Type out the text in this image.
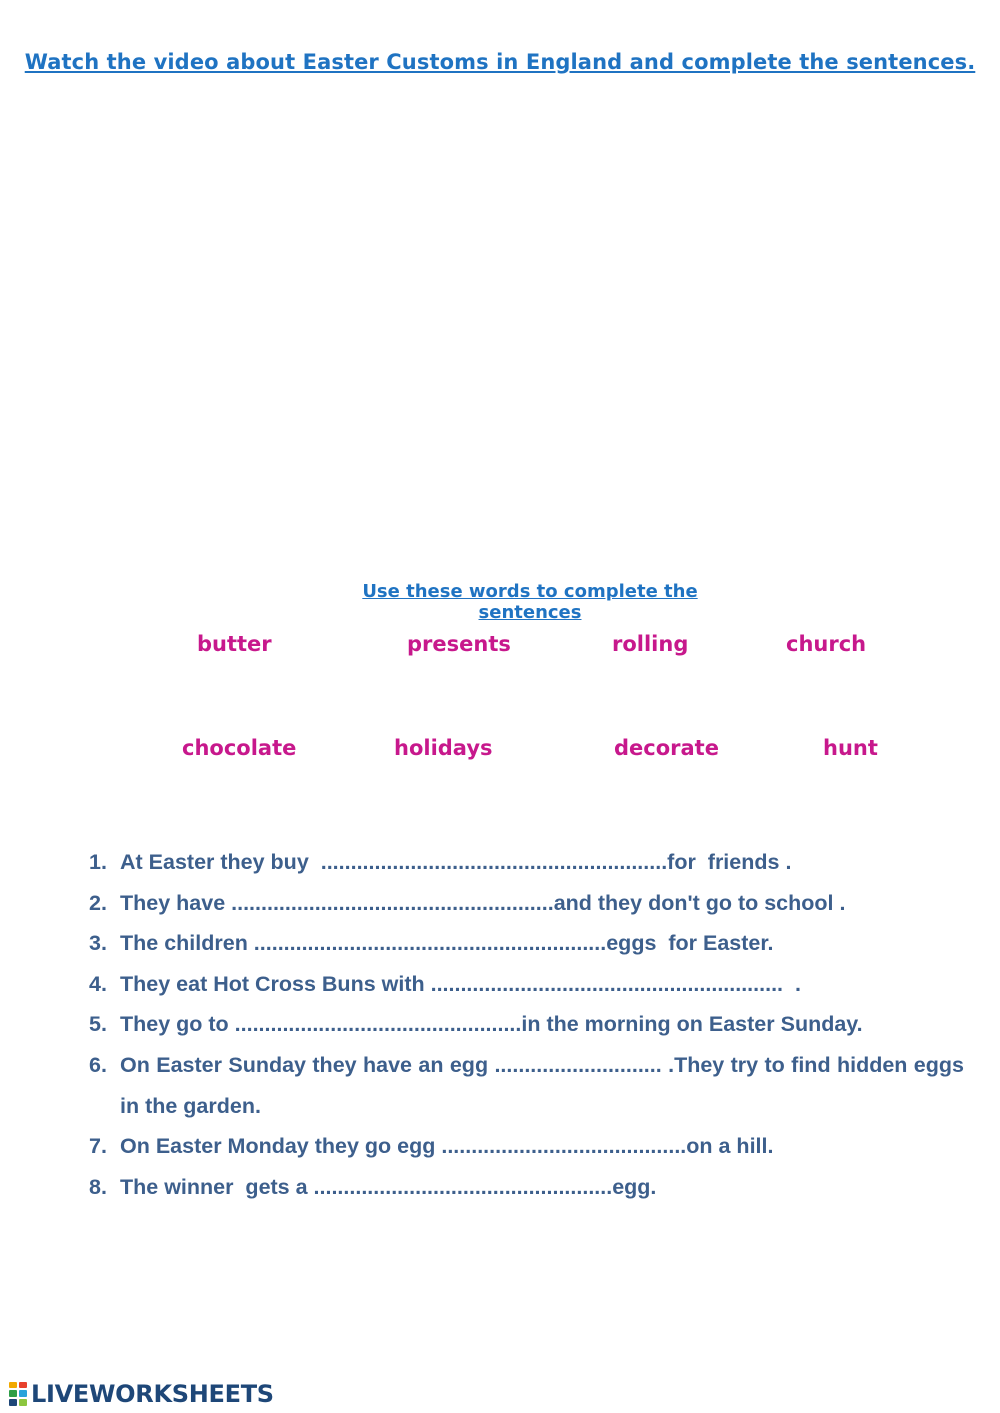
Watch the video about Easter Customs in England and complete the sentences.
Use these words to complete the sentences
butter	presents	rolling	church
chocolate	holidays	decorate	hunt
1. At Easter they buy  ..........................................................for  friends .
2. They have ......................................................and they don't go to school .
3. The children ...........................................................eggs  for Easter.
4. They eat Hot Cross Buns with ...........................................................  .
5. They go to ................................................in the morning on Easter Sunday.
6. On Easter Sunday they have an egg ............................ .They try to find hidden eggs in the garden.
7. On Easter Monday they go egg .........................................on a hill.
8. The winner  gets a ..................................................egg.
LIVEWORKSHEETS
